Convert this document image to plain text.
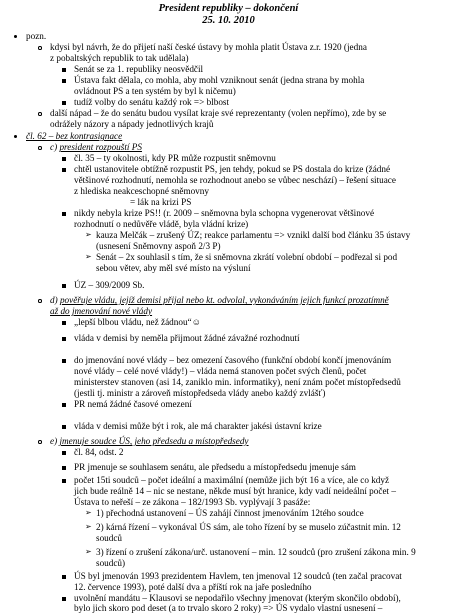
President republiky – dokončení
25. 10. 2010
pozn.
kdysi byl návrh, že do přijetí naší české ústavy by mohla platit Ústava z.r. 1920 (jedna
z pobaltských republik to tak udělala)
Senát se za 1. republiky neosvědčil
Ústava fakt dělala, co mohla, aby mohl vzniknout senát (jedna strana by mohla
ovládnout PS a ten systém by byl k ničemu)
tudíž volby do senátu každý rok => blbost
další nápad – že do senátu budou vysílat kraje své reprezentanty (volen nepřímo), zde by se
odrážely názory a nápady jednotlivých krajů
čl. 62 – bez kontrasignace
c) president rozpouští PS
čl. 35 – ty okolnosti, kdy PR může rozpustit sněmovnu
chtěl ustanovitele obtížně rozpustit PS, jen tehdy, pokud se PS dostala do krize (žádné
většinové rozhodnutí, nemohla se rozhodnout anebo se vůbec neschází) – řešení situace
z hlediska neakceschopné sněmovny
= lák na krizi PS
nikdy nebyla krize PS!! (r. 2009 – sněmovna byla schopna vygenerovat většinové
rozhodnutí o nedůvěře vládě, byla vládní krize)
➢ kauza Melčák – zrušený ÚZ; reakce parlamentu => vznikl další bod článku 35 ústavy
(usnesení Sněmovny aspoň 2/3 P)
➢ Senát – 2x souhlasil s tím, že si sněmovna zkrátí volební období – podřezal si pod
sebou větev, aby měl své místo na výsluní
ÚZ – 309/2009 Sb.
d) pověřuje vládu, jejíž demisi přijal nebo kt. odvolal, vykonáváním jejich funkcí prozatímně
až do jmenování nové vlády
„lepší blbou vládu, než žádnou“☺
vláda v demisi by neměla přijmout žádné závažné rozhodnutí
do jmenování nové vlády – bez omezení časového (funkční období končí jmenováním
nové vlády – celé nové vlády!) – vláda nemá stanoven počet svých členů, počet
ministerstev stanoven (asi 14, zaniklo min. informatiky), není znám počet místopředsedů
(jestli tj. ministr a zároveň místopředseda vlády anebo každý zvlášť)
PR nemá žádné časové omezení
vláda v demisi může být i rok, ale má charakter jakési ústavní krize
e) jmenuje soudce ÚS, jeho předsedu a místopředsedy
čl. 84, odst. 2
PR jmenuje se souhlasem senátu, ale předsedu a místopředsedu jmenuje sám
počet 15ti soudců – počet ideální a maximální (nemůže jich být 16 a více, ale co když
jich bude reálně 14 – nic se nestane, někde musí být hranice, kdy vadí neideální počet –
Ústava to neřeší – ze zákona – 182/1993 Sb. vyplývají 3 pasáže:
➢ 1) přechodná ustanovení – ÚS zahájí činnost jmenováním 12tého soudce
➢ 2) kárná řízení – vykonával ÚS sám, ale toho řízení by se muselo zúčastnit min. 12
soudců
➢ 3) řízení o zrušení zákona/urč. ustanovení – min. 12 soudců (pro zrušení zákona min. 9
soudců)
ÚS byl jmenován 1993 prezidentem Havlem, ten jmenoval 12 soudců (ten začal pracovat
12. července 1993), poté další dva a příští rok na jaře posledního
uvolnění mandátu – Klausovi se nepodařilo všechny jmenovat (kterým skončilo období),
bylo jich skoro pod deset (a to trvalo skoro 2 roky) => ÚS vydalo vlastní usnesení –
